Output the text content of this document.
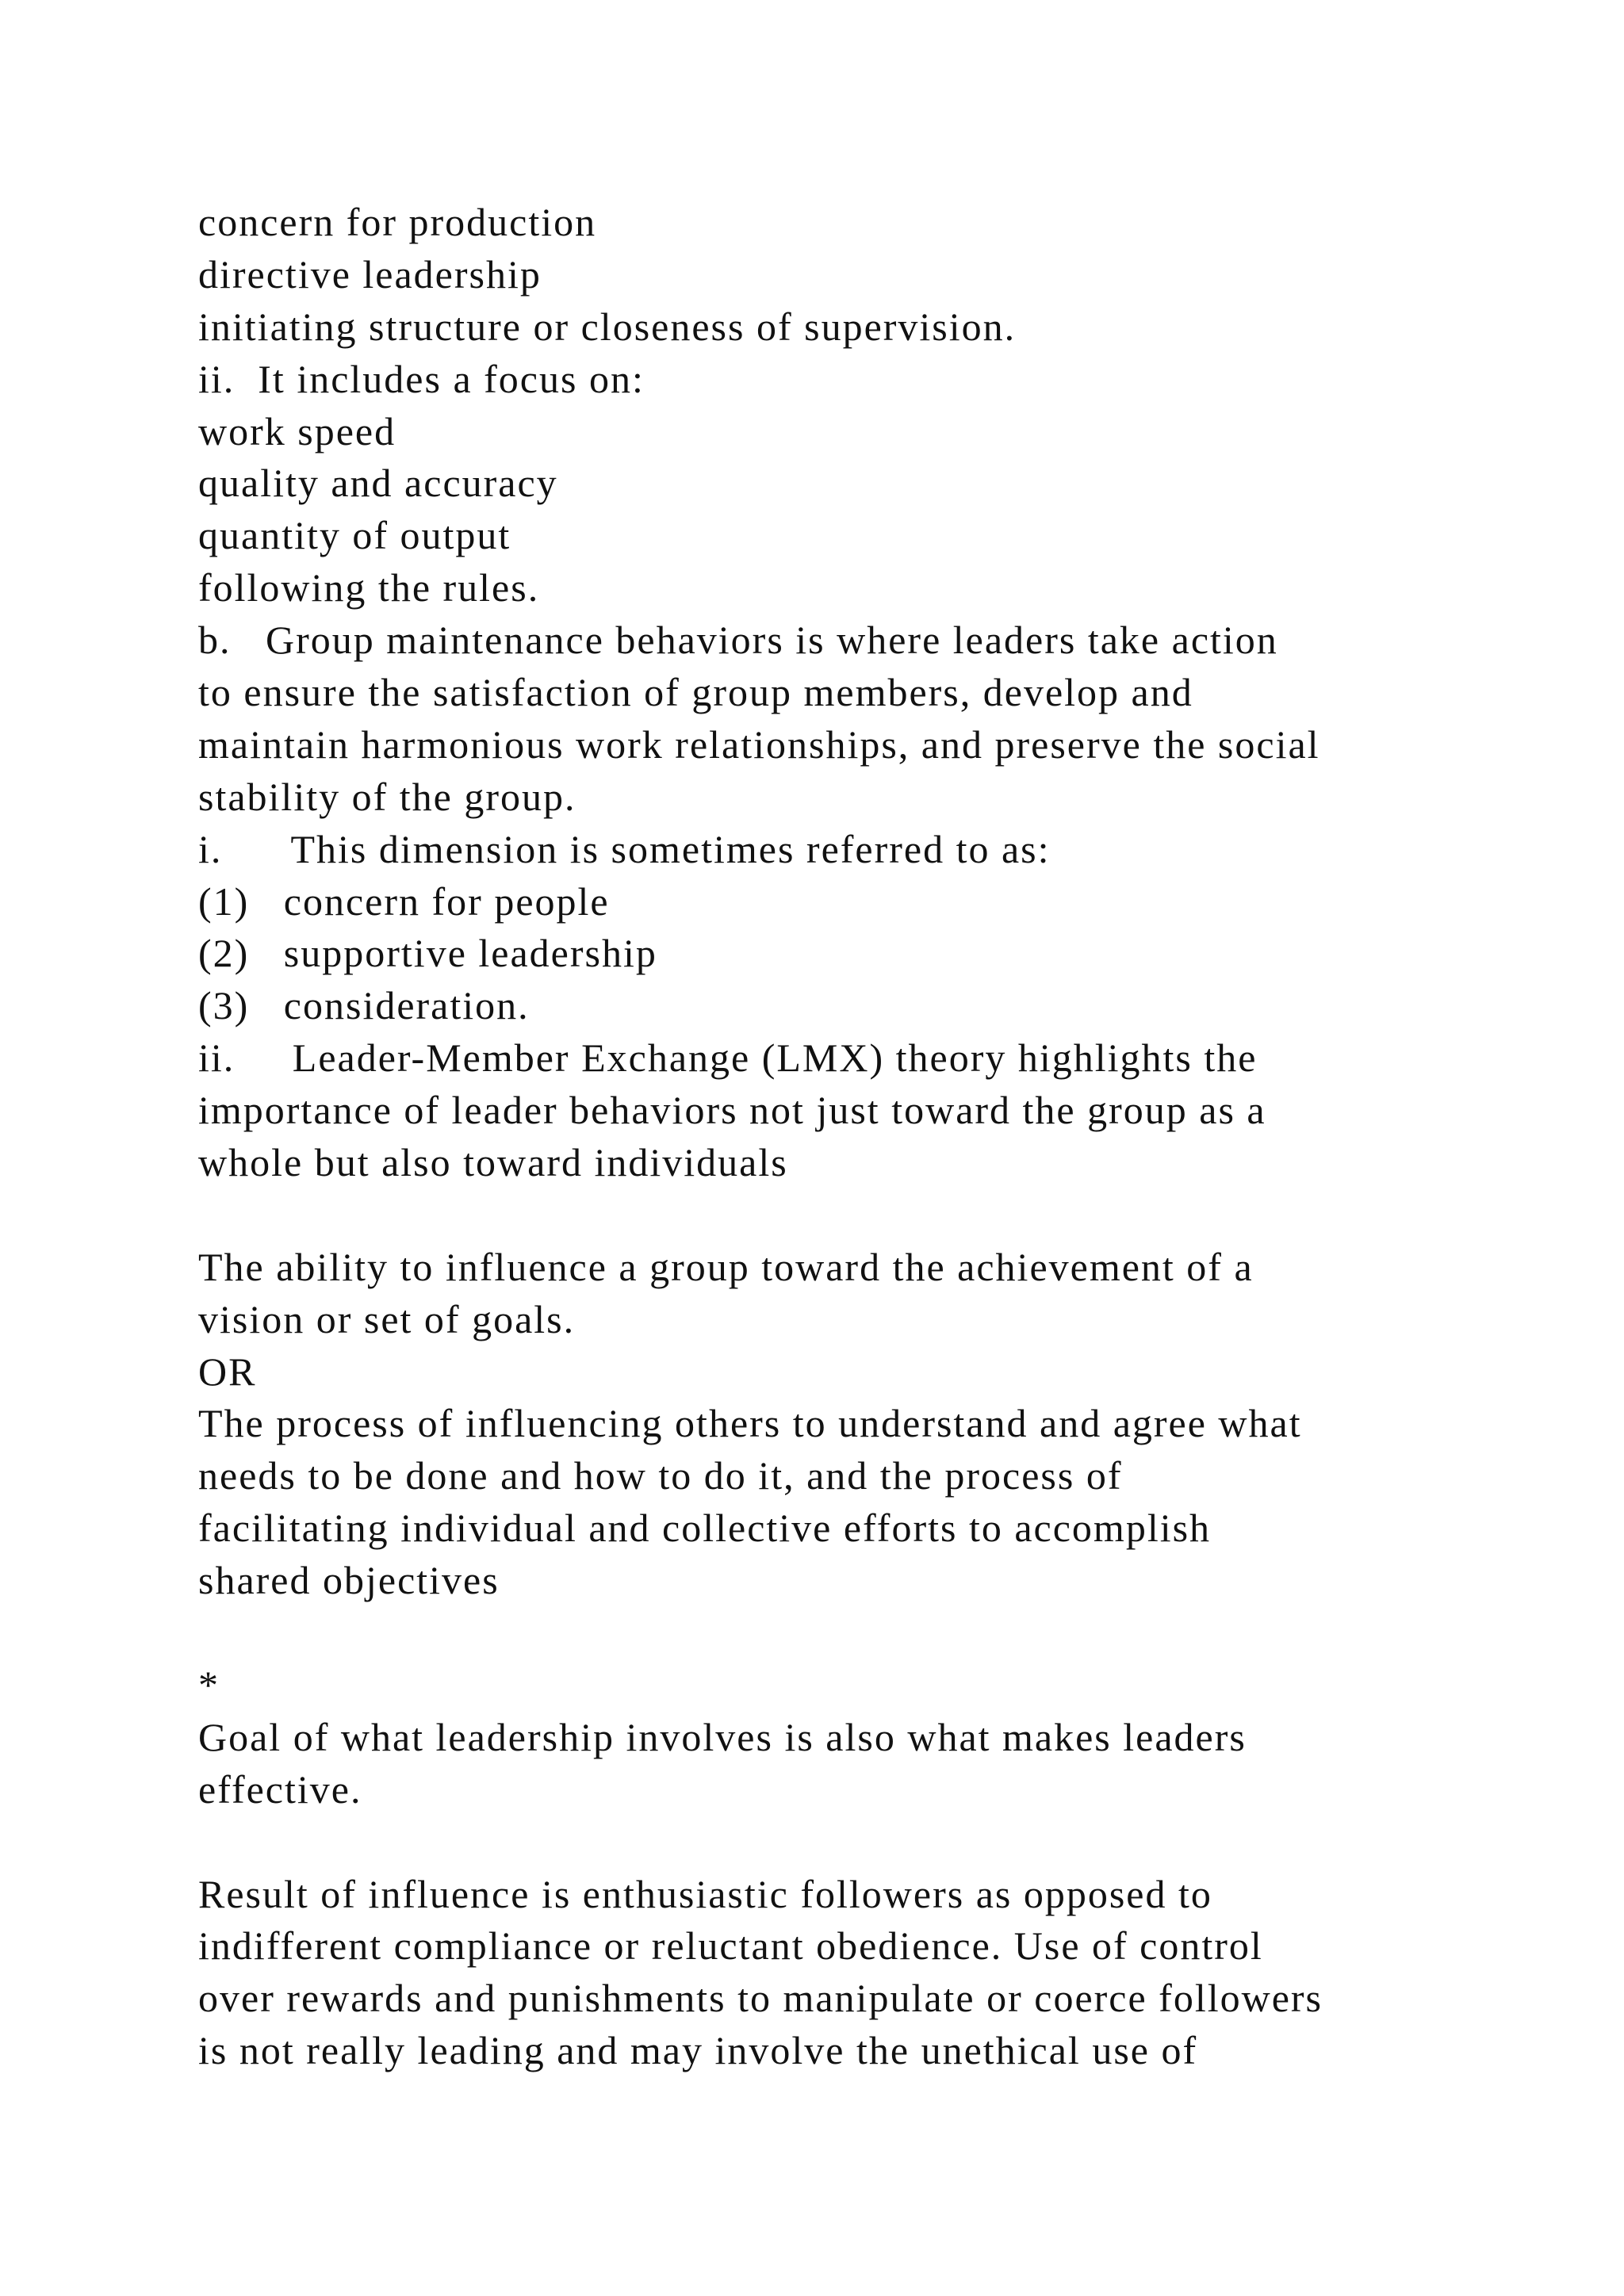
concern for production
directive leadership
initiating structure or closeness of supervision.
ii.  It includes a focus on:
work speed
quality and accuracy
quantity of output
following the rules.
b.   Group maintenance behaviors is where leaders take action
to ensure the satisfaction of group members, develop and
maintain harmonious work relationships, and preserve the social
stability of the group.
i.      This dimension is sometimes referred to as:
(1)   concern for people
(2)   supportive leadership
(3)   consideration.
ii.     Leader-Member Exchange (LMX) theory highlights the
importance of leader behaviors not just toward the group as a
whole but also toward individuals
The ability to influence a group toward the achievement of a
vision or set of goals.
OR
The process of influencing others to understand and agree what
needs to be done and how to do it, and the process of
facilitating individual and collective efforts to accomplish
shared objectives
*
Goal of what leadership involves is also what makes leaders
effective.
Result of influence is enthusiastic followers as opposed to
indifferent compliance or reluctant obedience. Use of control
over rewards and punishments to manipulate or coerce followers
is not really leading and may involve the unethical use of
